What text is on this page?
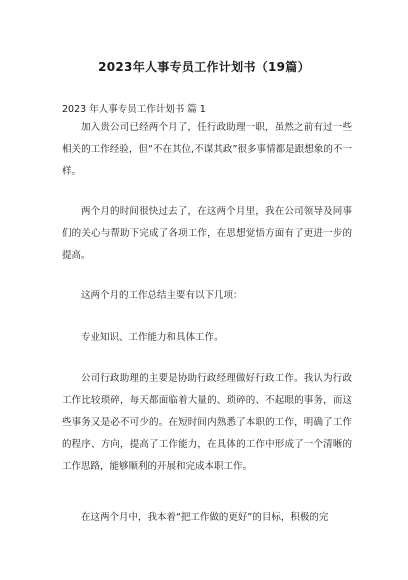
2023年人事专员工作计划书（19篇）
2023 年人事专员工作计划书 篇 1

加入贵公司已经两个月了，任行政助理一职，虽然之前有过一些相关的工作经验，但“不在其位,不谋其政”很多事情都是跟想象的不一样。

两个月的时间很快过去了，在这两个月里，我在公司领导及同事们的关心与帮助下完成了各项工作，在思想觉悟方面有了更进一步的提高。

这两个月的工作总结主要有以下几项：

专业知识、工作能力和具体工作。

公司行政助理的主要是协助行政经理做好行政工作。我认为行政工作比较琐碎，每天都面临着大量的、琐碎的、不起眼的事务，而这些事务又是必不可少的。在短时间内熟悉了本职的工作，明确了工作的程序、方向，提高了工作能力，在具体的工作中形成了一个清晰的工作思路，能够顺利的开展和完成本职工作。

在这两个月中，我本着“把工作做的更好”的目标，积极的完
